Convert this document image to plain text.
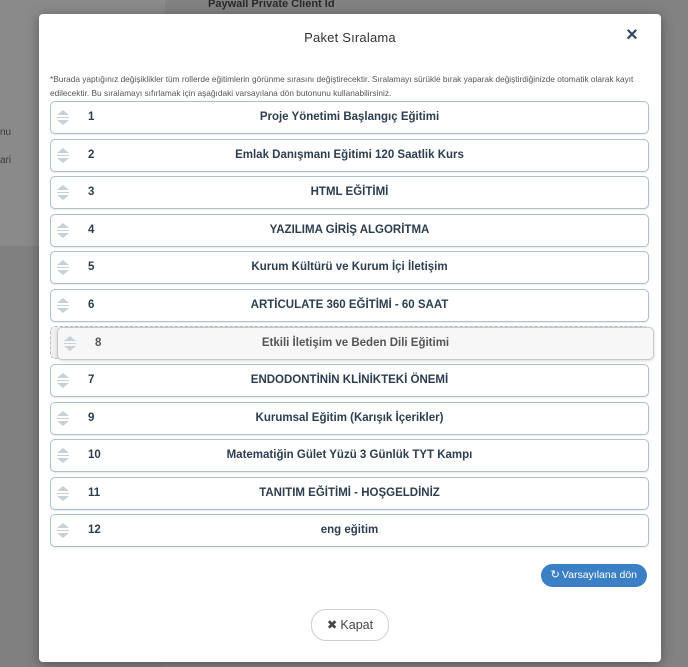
nu
ari
Paywall Private Client Id
Paket Sıralama	×
*Burada yaptığınız değişiklikler tüm rollerde eğitimlerin görünme sırasını değiştirecektir. Sıralamayı sürükle bırak yaparak değiştirdiğinizde otomatik olarak kayıt edilecektir. Bu sıralamayı sıfırlamak için aşağıdaki varsayılana dön butonunu kullanabilirsiniz.
1	Proje Yönetimi Başlangıç Eğitimi
2	Emlak Danışmanı Eğitimi 120 Saatlik Kurs
3	HTML EĞİTİMİ
4	YAZILIMA GİRİŞ ALGORİTMA
5	Kurum Kültürü ve Kurum İçi İletişim
6	ARTİCULATE 360 EĞİTİMİ - 60 SAAT
8	Etkili İletişim ve Beden Dili Eğitimi
7	ENDODONTİNİN KLİNİKTEKİ ÖNEMİ
9	Kurumsal Eğitim (Karışık İçerikler)
10	Matematiğin Gület Yüzü 3 Günlük TYT Kampı
11	TANITIM EĞİTİMİ - HOŞGELDİNİZ
12	eng eğitim
↻ Varsayılana dön
✖ Kapat
